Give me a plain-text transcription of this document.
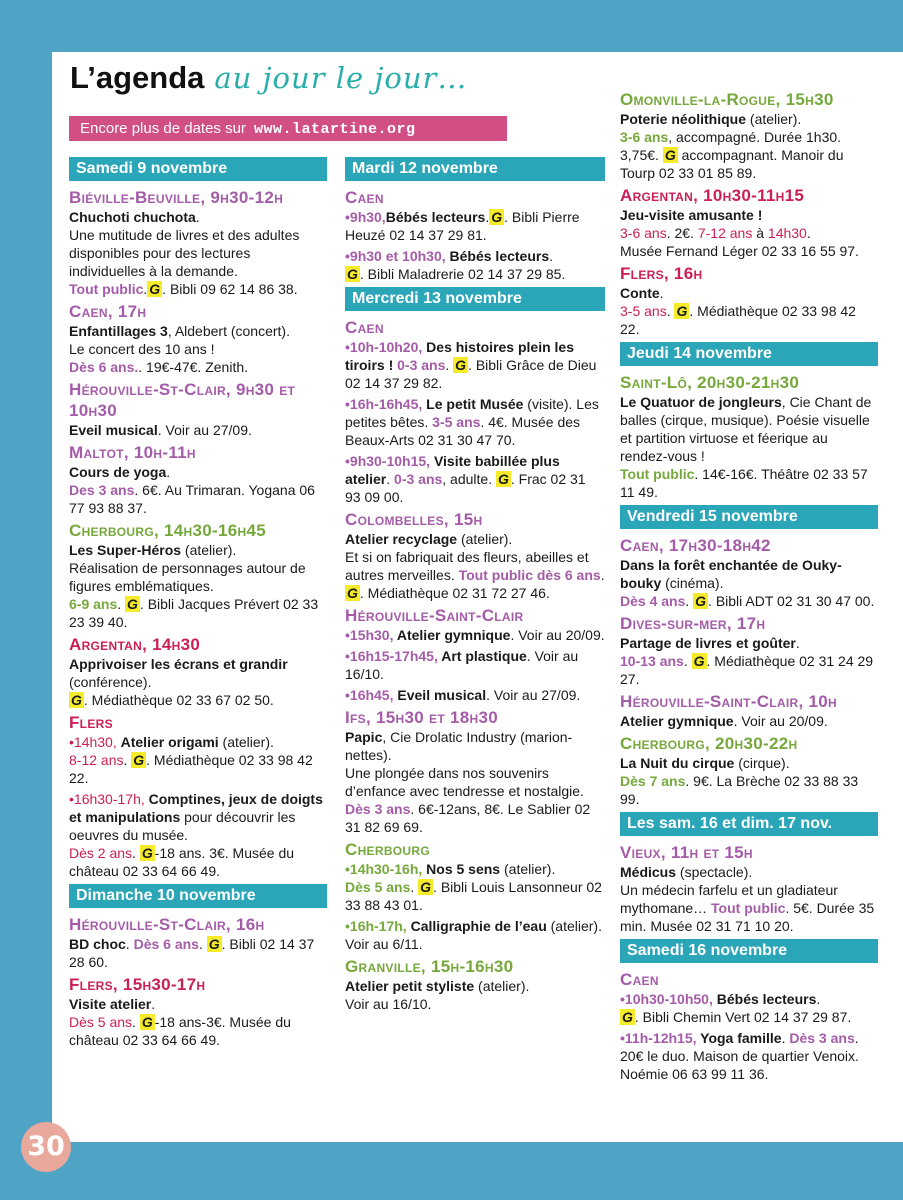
L’agenda au jour le jour…
Encore plus de dates sur www.latartine.org
Samedi 9 novembre
Biéville-Beuville, 9h30-12h
Chuchoti chuchota.
Une mutitude de livres et des adultes disponibles pour des lectures individuelles à la demande.
Tout public. G . Bibli 09 62 14 86 38.
Caen, 17h
Enfantillages 3, Aldebert (concert).
Le concert des 10 ans !
Dès 6 ans.. 19€-47€. Zenith.
Hérouville-St-Clair, 9h30 et 10h30
Eveil musical. Voir au 27/09.
Maltot, 10h-11h
Cours de yoga.
Des 3 ans. 6€. Au Trimaran. Yogana 06 77 93 88 37.
Cherbourg, 14h30-16h45
Les Super-Héros (atelier).
Réalisation de personnages autour de figures emblématiques.
6-9 ans. G . Bibli Jacques Prévert 02 33 23 39 40.
Argentan, 14h30
Apprivoiser les écrans et grandir (conférence).
G . Médiathèque 02 33 67 02 50.
Flers
•14h30, Atelier origami (atelier).
8-12 ans. G . Médiathèque 02 33 98 42 22.
•16h30-17h, Comptines, jeux de doigts et manipulations pour découvrir les oeuvres du musée.
Dès 2 ans. G -18 ans. 3€. Musée du château 02 33 64 66 49.
Dimanche 10 novembre
Hérouville-St-Clair, 16h
BD choc. Dès 6 ans. G . Bibli 02 14 37 28 60.
Flers, 15h30-17h
Visite atelier.
Dès 5 ans. G -18 ans-3€. Musée du château 02 33 64 66 49.
Mardi 12 novembre
Caen
•9h30,Bébés lecteurs. G . Bibli Pierre Heuzé 02 14 37 29 81.
•9h30 et 10h30, Bébés lecteurs.
G . Bibli Maladrerie 02 14 37 29 85.
Mercredi 13 novembre
Caen
•10h-10h20, Des histoires plein les tiroirs ! 0-3 ans. G . Bibli Grâce de Dieu 02 14 37 29 82.
•16h-16h45, Le petit Musée (visite). Les petites bêtes. 3-5 ans. 4€. Musée des Beaux-Arts 02 31 30 47 70.
•9h30-10h15, Visite babillée plus atelier. 0-3 ans, adulte. G . Frac 02 31 93 09 00.
Colombelles, 15h
Atelier recyclage (atelier).
Et si on fabriquait des fleurs, abeilles et autres merveilles. Tout public dès 6 ans. G . Médiathèque 02 31 72 27 46.
Hérouville-Saint-Clair
•15h30, Atelier gymnique. Voir au 20/09.
•16h15-17h45, Art plastique. Voir au 16/10.
•16h45, Eveil musical. Voir au 27/09.
Ifs, 15h30 et 18h30
Papic, Cie Drolatic Industry (marion-nettes).
Une plongée dans nos souvenirs d’enfance avec tendresse et nostalgie.
Dès 3 ans. 6€-12ans, 8€. Le Sablier 02 31 82 69 69.
Cherbourg
•14h30-16h, Nos 5 sens (atelier).
Dès 5 ans. G . Bibli Louis Lansonneur 02 33 88 43 01.
•16h-17h, Calligraphie de l’eau (atelier). Voir au 6/11.
Granville, 15h-16h30
Atelier petit styliste (atelier).
Voir au 16/10.
Omonville-la-Rogue, 15h30
Poterie néolithique (atelier).
3-6 ans, accompagné. Durée 1h30. 3,75€. G accompagnant. Manoir du Tourp 02 33 01 85 89.
Argentan, 10h30-11h15
Jeu-visite amusante !
3-6 ans. 2€. 7-12 ans à 14h30.
Musée Fernand Léger 02 33 16 55 97.
Flers, 16h
Conte.
3-5 ans. G . Médiathèque 02 33 98 42 22.
Jeudi 14 novembre
Saint-Lô, 20h30-21h30
Le Quatuor de jongleurs, Cie Chant de balles (cirque, musique). Poésie visuelle et partition virtuose et féerique au rendez-vous !
Tout public. 14€-16€. Théâtre 02 33 57 11 49.
Vendredi 15 novembre
Caen, 17h30-18h42
Dans la forêt enchantée de Ouky-bouky (cinéma).
Dès 4 ans. G . Bibli ADT 02 31 30 47 00.
Dives-sur-mer, 17h
Partage de livres et goûter.
10-13 ans. G . Médiathèque 02 31 24 29 27.
Hérouville-Saint-Clair, 10h
Atelier gymnique. Voir au 20/09.
Cherbourg, 20h30-22h
La Nuit du cirque (cirque).
Dès 7 ans. 9€. La Brèche 02 33 88 33 99.
Les sam. 16 et dim. 17 nov.
Vieux, 11h et 15h
Médicus (spectacle).
Un médecin farfelu et un gladiateur mythomane… Tout public. 5€. Durée 35 min. Musée 02 31 71 10 20.
Samedi 16 novembre
Caen
•10h30-10h50, Bébés lecteurs.
G . Bibli Chemin Vert 02 14 37 29 87.
•11h-12h15, Yoga famille. Dès 3 ans. 20€ le duo. Maison de quartier Venoix. Noémie 06 63 99 11 36.
30
